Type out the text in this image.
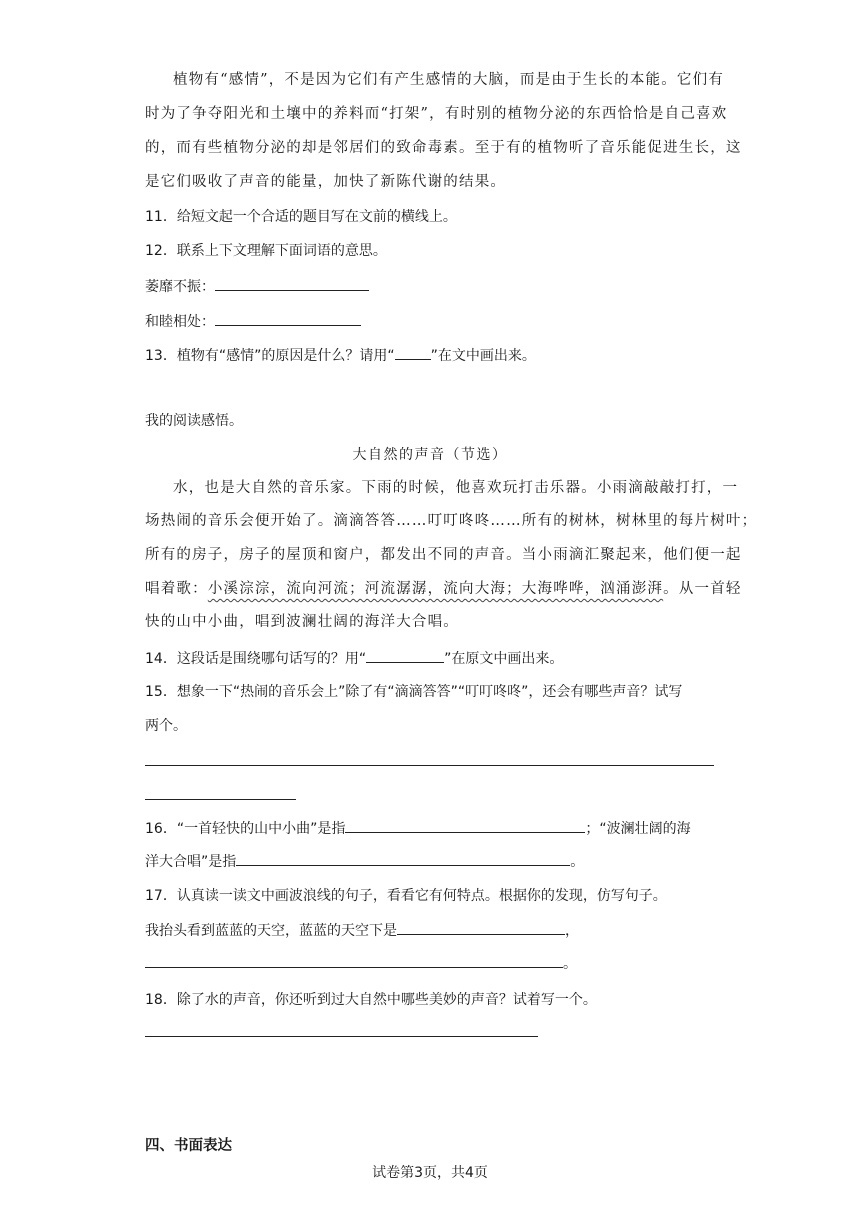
植物有“感情”，不是因为它们有产生感情的大脑，而是由于生长的本能。它们有
时为了争夺阳光和土壤中的养料而“打架”，有时别的植物分泌的东西恰恰是自己喜欢
的，而有些植物分泌的却是邻居们的致命毒素。至于有的植物听了音乐能促进生长，这
是它们吸收了声音的能量，加快了新陈代谢的结果。
11．给短文起一个合适的题目写在文前的横线上。
12．联系上下文理解下面词语的意思。
萎靡不振：
和睦相处：
13．植物有“感情”的原因是什么？请用“	”在文中画出来。
我的阅读感悟。
大自然的声音（节选）
水，也是大自然的音乐家。下雨的时候，他喜欢玩打击乐器。小雨滴敲敲打打，一
场热闹的音乐会便开始了。滴滴答答……叮叮咚咚……所有的树林，树林里的每片树叶；
所有的房子，房子的屋顶和窗户，都发出不同的声音。当小雨滴汇聚起来，他们便一起
唱着歌：小溪淙淙，流向河流；河流潺潺，流向大海；大海哗哗，汹涌澎湃。从一首轻
快的山中小曲，唱到波澜壮阔的海洋大合唱。
14．这段话是围绕哪句话写的？用“	”在原文中画出来。
15．想象一下“热闹的音乐会上”除了有“滴滴答答”“叮叮咚咚”，还会有哪些声音？试写
两个。
16．“一首轻快的山中小曲”是指	；“波澜壮阔的海
洋大合唱”是指	。
17．认真读一读文中画波浪线的句子，看看它有何特点。根据你的发现，仿写句子。
我抬头看到蓝蓝的天空，蓝蓝的天空下是	，
。
18．除了水的声音，你还听到过大自然中哪些美妙的声音？试着写一个。
四、书面表达
试卷第3页，共4页
